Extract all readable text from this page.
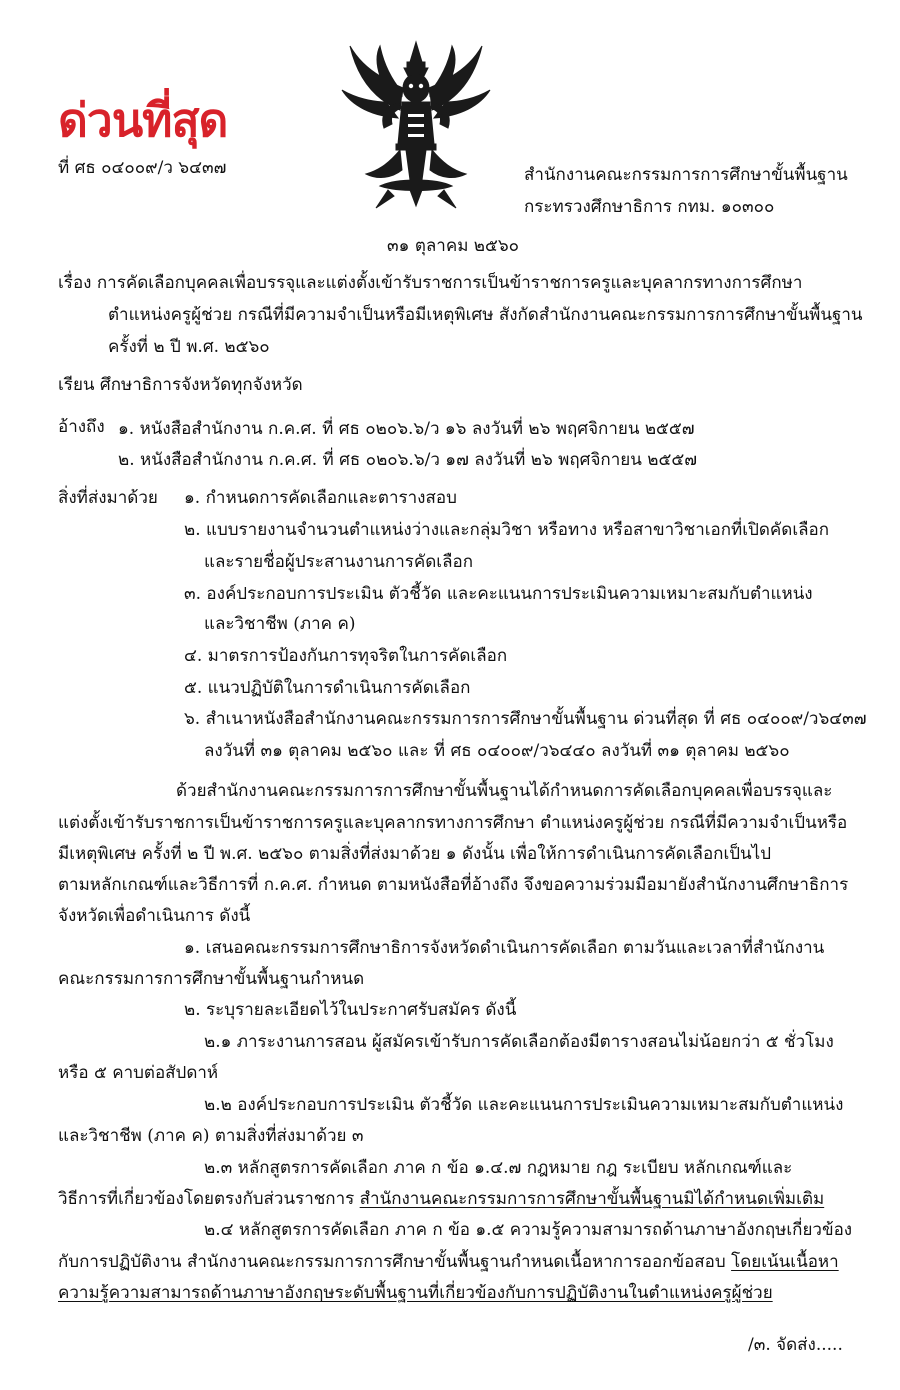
ด่วนที่สุด
ที่ ศธ ๐๔๐๐๙/ว ๖๔๓๗	สำนักงานคณะกรรมการการศึกษาขั้นพื้นฐาน
กระทรวงศึกษาธิการ กทม. ๑๐๓๐๐
๓๑ ตุลาคม ๒๕๖๐
เรื่อง การคัดเลือกบุคคลเพื่อบรรจุและแต่งตั้งเข้ารับราชการเป็นข้าราชการครูและบุคลากรทางการศึกษา
ตำแหน่งครูผู้ช่วย กรณีที่มีความจำเป็นหรือมีเหตุพิเศษ สังกัดสำนักงานคณะกรรมการการศึกษาขั้นพื้นฐาน
ครั้งที่ ๒ ปี พ.ศ. ๒๕๖๐
เรียน ศึกษาธิการจังหวัดทุกจังหวัด
อ้างถึง ๑. หนังสือสำนักงาน ก.ค.ศ. ที่ ศธ ๐๒๐๖.๖/ว ๑๖ ลงวันที่ ๒๖ พฤศจิกายน ๒๕๕๗
๒. หนังสือสำนักงาน ก.ค.ศ. ที่ ศธ ๐๒๐๖.๖/ว ๑๗ ลงวันที่ ๒๖ พฤศจิกายน ๒๕๕๗
สิ่งที่ส่งมาด้วย ๑. กำหนดการคัดเลือกและตารางสอบ
๒. แบบรายงานจำนวนตำแหน่งว่างและกลุ่มวิชา หรือทาง หรือสาขาวิชาเอกที่เปิดคัดเลือก
และรายชื่อผู้ประสานงานการคัดเลือก
๓. องค์ประกอบการประเมิน ตัวชี้วัด และคะแนนการประเมินความเหมาะสมกับตำแหน่ง
และวิชาชีพ (ภาค ค)
๔. มาตรการป้องกันการทุจริตในการคัดเลือก
๕. แนวปฏิบัติในการดำเนินการคัดเลือก
๖. สำเนาหนังสือสำนักงานคณะกรรมการการศึกษาขั้นพื้นฐาน ด่วนที่สุด ที่ ศธ ๐๔๐๐๙/ว๖๔๓๗
ลงวันที่ ๓๑ ตุลาคม ๒๕๖๐ และ ที่ ศธ ๐๔๐๐๙/ว๖๔๔๐ ลงวันที่ ๓๑ ตุลาคม ๒๕๖๐
ด้วยสำนักงานคณะกรรมการการศึกษาขั้นพื้นฐานได้กำหนดการคัดเลือกบุคคลเพื่อบรรจุและ
แต่งตั้งเข้ารับราชการเป็นข้าราชการครูและบุคลากรทางการศึกษา ตำแหน่งครูผู้ช่วย กรณีที่มีความจำเป็นหรือ
มีเหตุพิเศษ ครั้งที่ ๒ ปี พ.ศ. ๒๕๖๐ ตามสิ่งที่ส่งมาด้วย ๑ ดังนั้น เพื่อให้การดำเนินการคัดเลือกเป็นไป
ตามหลักเกณฑ์และวิธีการที่ ก.ค.ศ. กำหนด ตามหนังสือที่อ้างถึง จึงขอความร่วมมือมายังสำนักงานศึกษาธิการ
จังหวัดเพื่อดำเนินการ ดังนี้
๑. เสนอคณะกรรมการศึกษาธิการจังหวัดดำเนินการคัดเลือก ตามวันและเวลาที่สำนักงาน
คณะกรรมการการศึกษาขั้นพื้นฐานกำหนด
๒. ระบุรายละเอียดไว้ในประกาศรับสมัคร ดังนี้
๒.๑ ภาระงานการสอน ผู้สมัครเข้ารับการคัดเลือกต้องมีตารางสอนไม่น้อยกว่า ๕ ชั่วโมง
หรือ ๕ คาบต่อสัปดาห์
๒.๒ องค์ประกอบการประเมิน ตัวชี้วัด และคะแนนการประเมินความเหมาะสมกับตำแหน่ง
และวิชาชีพ (ภาค ค) ตามสิ่งที่ส่งมาด้วย ๓
๒.๓ หลักสูตรการคัดเลือก ภาค ก ข้อ ๑.๔.๗ กฎหมาย กฎ ระเบียบ หลักเกณฑ์และ
วิธีการที่เกี่ยวข้องโดยตรงกับส่วนราชการ สำนักงานคณะกรรมการการศึกษาขั้นพื้นฐานมิได้กำหนดเพิ่มเติม
๒.๔ หลักสูตรการคัดเลือก ภาค ก ข้อ ๑.๕ ความรู้ความสามารถด้านภาษาอังกฤษเกี่ยวข้อง
กับการปฏิบัติงาน สำนักงานคณะกรรมการการศึกษาขั้นพื้นฐานกำหนดเนื้อหาการออกข้อสอบ โดยเน้นเนื้อหา
ความรู้ความสามารถด้านภาษาอังกฤษระดับพื้นฐานที่เกี่ยวข้องกับการปฏิบัติงานในตำแหน่งครูผู้ช่วย
/๓. จัดส่ง.....
